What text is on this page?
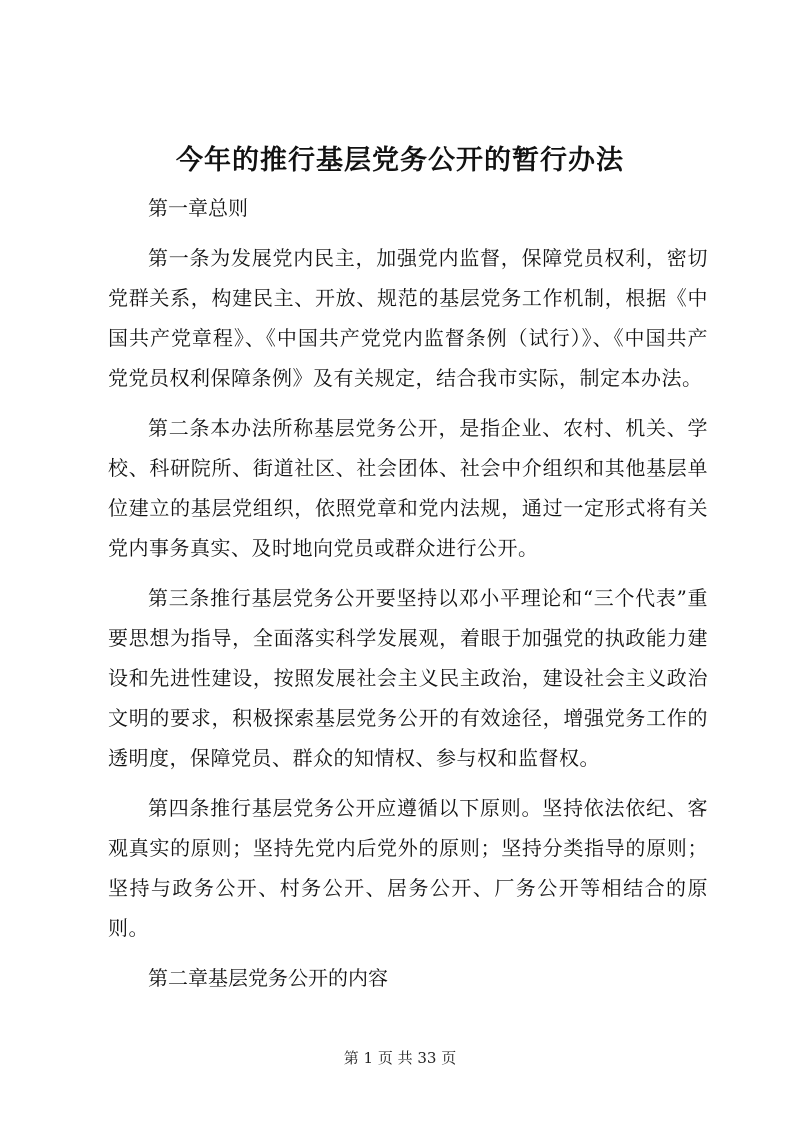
今年的推行基层党务公开的暂行办法

第一章总则

第一条为发展党内民主，加强党内监督，保障党员权利，密切党群关系，构建民主、开放、规范的基层党务工作机制，根据《中国共产党章程》、《中国共产党党内监督条例（试行）》、《中国共产党党员权利保障条例》及有关规定，结合我市实际，制定本办法。

第二条本办法所称基层党务公开，是指企业、农村、机关、学校、科研院所、街道社区、社会团体、社会中介组织和其他基层单位建立的基层党组织，依照党章和党内法规，通过一定形式将有关党内事务真实、及时地向党员或群众进行公开。

第三条推行基层党务公开要坚持以邓小平理论和“三个代表”重要思想为指导，全面落实科学发展观，着眼于加强党的执政能力建设和先进性建设，按照发展社会主义民主政治，建设社会主义政治文明的要求，积极探索基层党务公开的有效途径，增强党务工作的透明度，保障党员、群众的知情权、参与权和监督权。

第四条推行基层党务公开应遵循以下原则。坚持依法依纪、客观真实的原则；坚持先党内后党外的原则；坚持分类指导的原则；坚持与政务公开、村务公开、居务公开、厂务公开等相结合的原则。

第二章基层党务公开的内容

第 1 页 共 33 页
